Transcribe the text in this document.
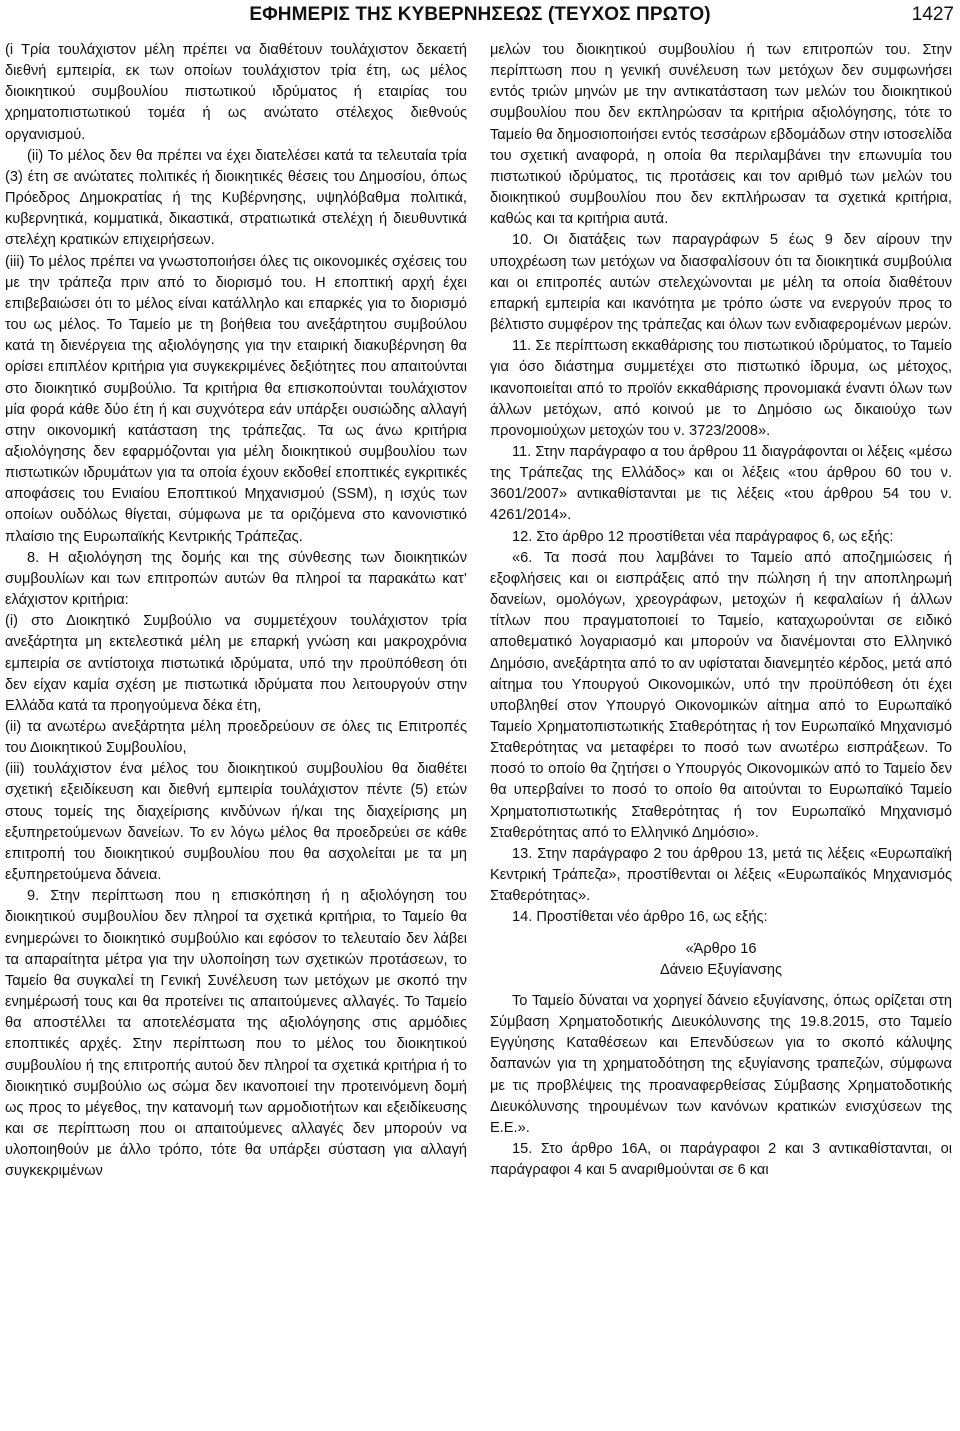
ΕΦΗΜΕΡΙΣ ΤΗΣ ΚΥΒΕΡΝΗΣΕΩΣ (ΤΕΥΧΟΣ ΠΡΩΤΟ)	1427

(i Τρία τουλάχιστον μέλη πρέπει να διαθέτουν τουλάχιστον δεκαετή διεθνή εμπειρία, εκ των οποίων τουλάχιστον τρία έτη, ως μέλος διοικητικού συμβουλίου πιστωτικού ιδρύματος ή εταιρίας του χρηματοπιστωτικού τομέα ή ως ανώτατο στέλεχος διεθνούς οργανισμού.

(ii) Το μέλος δεν θα πρέπει να έχει διατελέσει κατά τα τελευταία τρία (3) έτη σε ανώτατες πολιτικές ή διοικητικές θέσεις του Δημοσίου, όπως Πρόεδρος Δημοκρατίας ή της Κυβέρνησης, υψηλόβαθμα πολιτικά, κυβερνητικά, κομματικά, δικαστικά, στρατιωτικά στελέχη ή διευθυντικά στελέχη κρατικών επιχειρήσεων.

(iii) Το μέλος πρέπει να γνωστοποιήσει όλες τις οικονομικές σχέσεις του με την τράπεζα πριν από το διορισμό του. Η εποπτική αρχή έχει επιβεβαιώσει ότι το μέλος είναι κατάλληλο και επαρκές για το διορισμό του ως μέλος. Το Ταμείο με τη βοήθεια του ανεξάρτητου συμβούλου κατά τη διενέργεια της αξιολόγησης για την εταιρική διακυβέρνηση θα ορίσει επιπλέον κριτήρια για συγκεκριμένες δεξιότητες που απαιτούνται στο διοικητικό συμβούλιο. Τα κριτήρια θα επισκοπούνται τουλάχιστον μία φορά κάθε δύο έτη ή και συχνότερα εάν υπάρξει ουσιώδης αλλαγή στην οικονομική κατάσταση της τράπεζας. Τα ως άνω κριτήρια αξιολόγησης δεν εφαρμόζονται για μέλη διοικητικού συμβουλίου των πιστωτικών ιδρυμάτων για τα οποία έχουν εκδοθεί εποπτικές εγκριτικές αποφάσεις του Ενιαίου Εποπτικού Μηχανισμού (SSM), η ισχύς των οποίων ουδόλως θίγεται, σύμφωνα με τα οριζόμενα στο κανονιστικό πλαίσιο της Ευρωπαϊκής Κεντρικής Τράπεζας.

8. Η αξιολόγηση της δομής και της σύνθεσης των διοικητικών συμβουλίων και των επιτροπών αυτών θα πληροί τα παρακάτω κατ’ ελάχιστον κριτήρια:

(i) στο Διοικητικό Συμβούλιο να συμμετέχουν τουλάχιστον τρία ανεξάρτητα μη εκτελεστικά μέλη με επαρκή γνώση και μακροχρόνια εμπειρία σε αντίστοιχα πιστωτικά ιδρύματα, υπό την προϋπόθεση ότι δεν είχαν καμία σχέση με πιστωτικά ιδρύματα που λειτουργούν στην Ελλάδα κατά τα προηγούμενα δέκα έτη,

(ii) τα ανωτέρω ανεξάρτητα μέλη προεδρεύουν σε όλες τις Επιτροπές του Διοικητικού Συμβουλίου,

(iii) τουλάχιστον ένα μέλος του διοικητικού συμβουλίου θα διαθέτει σχετική εξειδίκευση και διεθνή εμπειρία τουλάχιστον πέντε (5) ετών στους τομείς της διαχείρισης κινδύνων ή/και της διαχείρισης μη εξυπηρετούμενων δανείων. Το εν λόγω μέλος θα προεδρεύει σε κάθε επιτροπή του διοικητικού συμβουλίου που θα ασχολείται με τα μη εξυπηρετούμενα δάνεια.

9. Στην περίπτωση που η επισκόπηση ή η αξιολόγηση του διοικητικού συμβουλίου δεν πληροί τα σχετικά κριτήρια, το Ταμείο θα ενημερώνει το διοικητικό συμβούλιο και εφόσον το τελευταίο δεν λάβει τα απαραίτητα μέτρα για την υλοποίηση των σχετικών προτάσεων, το Ταμείο θα συγκαλεί τη Γενική Συνέλευση των μετόχων με σκοπό την ενημέρωσή τους και θα προτείνει τις απαιτούμενες αλλαγές. Το Ταμείο θα αποστέλλει τα αποτελέσματα της αξιολόγησης στις αρμόδιες εποπτικές αρχές. Στην περίπτωση που το μέλος του διοικητικού συμβουλίου ή της επιτροπής αυτού δεν πληροί τα σχετικά κριτήρια ή το διοικητικό συμβούλιο ως σώμα δεν ικανοποιεί την προτεινόμενη δομή ως προς το μέγεθος, την κατανομή των αρμοδιοτήτων και εξειδίκευσης και σε περίπτωση που οι απαιτούμενες αλλαγές δεν μπορούν να υλοποιηθούν με άλλο τρόπο, τότε θα υπάρξει σύσταση για αλλαγή συγκεκριμένων

μελών του διοικητικού συμβουλίου ή των επιτροπών του. Στην περίπτωση που η γενική συνέλευση των μετόχων δεν συμφωνήσει εντός τριών μηνών με την αντικατάσταση των μελών του διοικητικού συμβουλίου που δεν εκπληρώσαν τα κριτήρια αξιολόγησης, τότε το Ταμείο θα δημοσιοποιήσει εντός τεσσάρων εβδομάδων στην ιστοσελίδα του σχετική αναφορά, η οποία θα περιλαμβάνει την επωνυμία του πιστωτικού ιδρύματος, τις προτάσεις και τον αριθμό των μελών του διοικητικού συμβουλίου που δεν εκπλήρωσαν τα σχετικά κριτήρια, καθώς και τα κριτήρια αυτά.

10. Οι διατάξεις των παραγράφων 5 έως 9 δεν αίρουν την υποχρέωση των μετόχων να διασφαλίσουν ότι τα διοικητικά συμβούλια και οι επιτροπές αυτών στελεχώνονται με μέλη τα οποία διαθέτουν επαρκή εμπειρία και ικανότητα με τρόπο ώστε να ενεργούν προς το βέλτιστο συμφέρον της τράπεζας και όλων των ενδιαφερομένων μερών.

11. Σε περίπτωση εκκαθάρισης του πιστωτικού ιδρύματος, το Ταμείο για όσο διάστημα συμμετέχει στο πιστωτικό ίδρυμα, ως μέτοχος, ικανοποιείται από το προϊόν εκκαθάρισης προνομιακά έναντι όλων των άλλων μετόχων, από κοινού με το Δημόσιο ως δικαιούχο των προνομιούχων μετοχών του ν. 3723/2008».

11. Στην παράγραφο α του άρθρου 11 διαγράφονται οι λέξεις «μέσω της Τράπεζας της Ελλάδος» και οι λέξεις «του άρθρου 60 του ν. 3601/2007» αντικαθίστανται με τις λέξεις «του άρθρου 54 του ν. 4261/2014».

12. Στο άρθρο 12 προστίθεται νέα παράγραφος 6, ως εξής:

«6. Τα ποσά που λαμβάνει το Ταμείο από αποζημιώσεις ή εξοφλήσεις και οι εισπράξεις από την πώληση ή την αποπληρωμή δανείων, ομολόγων, χρεογράφων, μετοχών ή κεφαλαίων ή άλλων τίτλων που πραγματοποιεί το Ταμείο, καταχωρούνται σε ειδικό αποθεματικό λογαριασμό και μπορούν να διανέμονται στο Ελληνικό Δημόσιο, ανεξάρτητα από το αν υφίσταται διανεμητέο κέρδος, μετά από αίτημα του Υπουργού Οικονομικών, υπό την προϋπόθεση ότι έχει υποβληθεί στον Υπουργό Οικονομικών αίτημα από το Ευρωπαϊκό Ταμείο Χρηματοπιστωτικής Σταθερότητας ή τον Ευρωπαϊκό Μηχανισμό Σταθερότητας να μεταφέρει το ποσό των ανωτέρω εισπράξεων. Το ποσό το οποίο θα ζητήσει ο Υπουργός Οικονομικών από το Ταμείο δεν θα υπερβαίνει το ποσό το οποίο θα αιτούνται το Ευρωπαϊκό Ταμείο Χρηματοπιστωτικής Σταθερότητας ή τον Ευρωπαϊκό Μηχανισμό Σταθερότητας από το Ελληνικό Δημόσιο».

13. Στην παράγραφο 2 του άρθρου 13, μετά τις λέξεις «Ευρωπαϊκή Κεντρική Τράπεζα», προστίθενται οι λέξεις «Ευρωπαϊκός Μηχανισμός Σταθερότητας».

14. Προστίθεται νέο άρθρο 16, ως εξής:

«Άρθρο 16

Δάνειο Εξυγίανσης

Το Ταμείο δύναται να χορηγεί δάνειο εξυγίανσης, όπως ορίζεται στη Σύμβαση Χρηματοδοτικής Διευκόλυνσης της 19.8.2015, στο Ταμείο Εγγύησης Καταθέσεων και Επενδύσεων για το σκοπό κάλυψης δαπανών για τη χρηματοδότηση της εξυγίανσης τραπεζών, σύμφωνα με τις προβλέψεις της προαναφερθείσας Σύμβασης Χρηματοδοτικής Διευκόλυνσης τηρουμένων των κανόνων κρατικών ενισχύσεων της Ε.Ε.».

15. Στο άρθρο 16Α, οι παράγραφοι 2 και 3 αντικαθίστανται, οι παράγραφοι 4 και 5 αναριθμούνται σε 6 και
